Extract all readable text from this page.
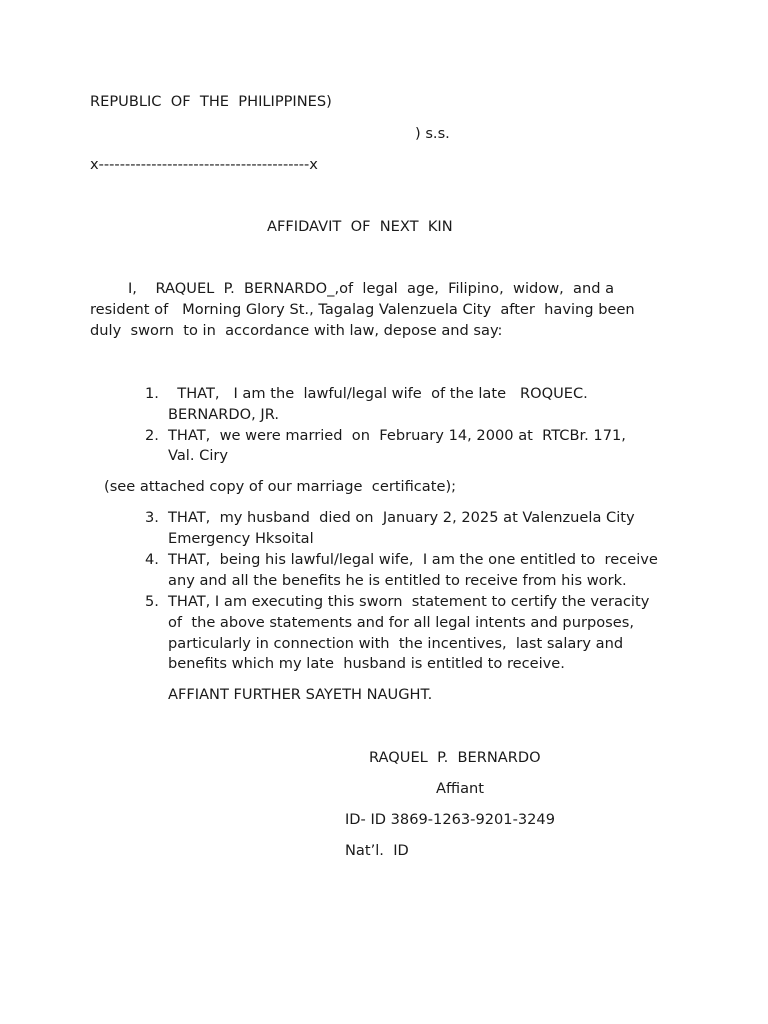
REPUBLIC  OF  THE  PHILIPPINES)
) s.s.
x----------------------------------------x
AFFIDAVIT  OF  NEXT  KIN
I,    RAQUEL  P.  BERNARDO_,of  legal  age,  Filipino,  widow,  and a
resident of   Morning Glory St., Tagalag Valenzuela City  after  having been
duly  sworn  to in  accordance with law, depose and say:
1. THAT,   I am the  lawful/legal wife  of the late   ROQUEC.
BERNARDO, JR.
2. THAT,  we were married  on  February 14, 2000 at  RTCBr. 171,
Val. Ciry
(see attached copy of our marriage  certificate);
3. THAT,  my husband  died on  January 2, 2025 at Valenzuela City
Emergency Hksoital
4. THAT,  being his lawful/legal wife,  I am the one entitled to  receive
any and all the benefits he is entitled to receive from his work.
5. THAT, I am executing this sworn  statement to certify the veracity
of  the above statements and for all legal intents and purposes,
particularly in connection with  the incentives,  last salary and
benefits which my late  husband is entitled to receive.
AFFIANT FURTHER SAYETH NAUGHT.
RAQUEL  P.  BERNARDO
Affiant
ID- ID 3869-1263-9201-3249
Nat’l.  ID
